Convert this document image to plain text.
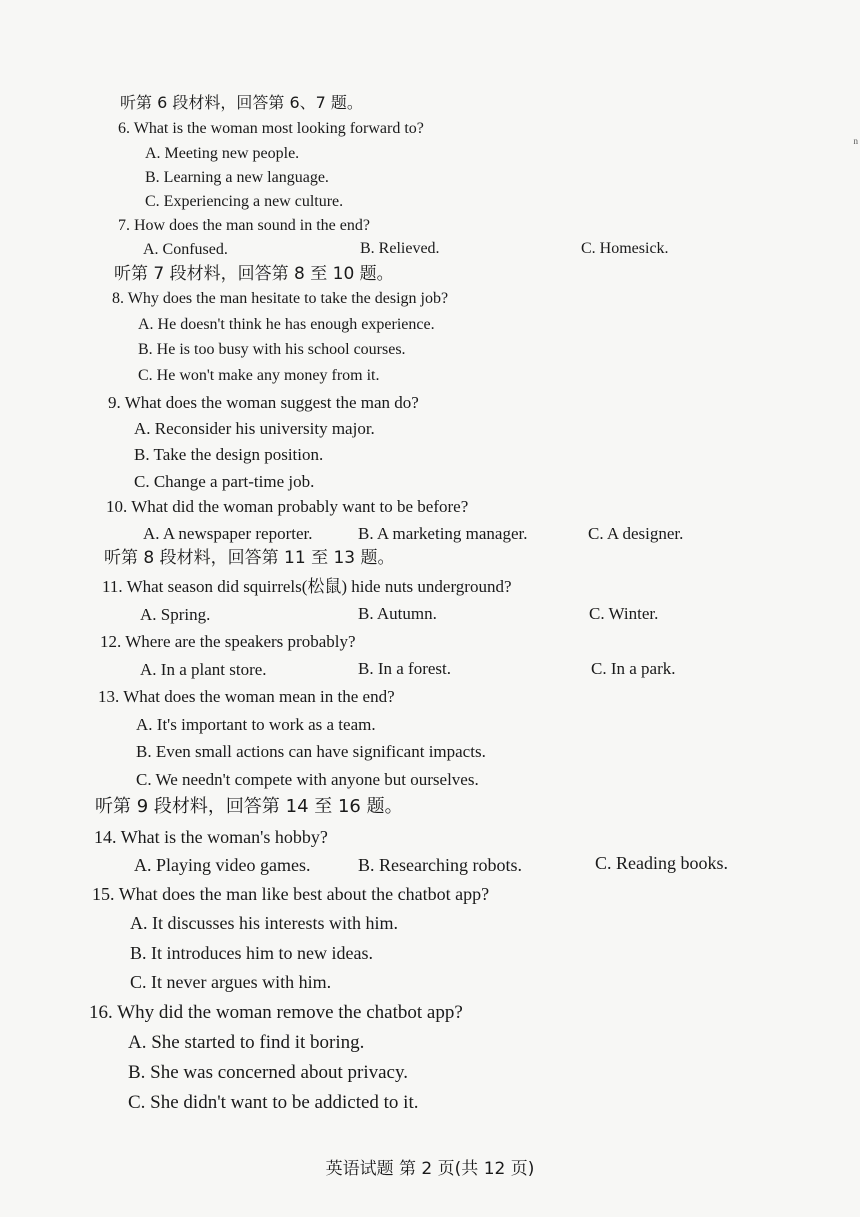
听第 6 段材料，回答第 6、7 题。
6. What is the woman most looking forward to?
A. Meeting new people.
B. Learning a new language.
C. Experiencing a new culture.
7. How does the man sound in the end?
A. Confused.	B. Relieved.	C. Homesick.
听第 7 段材料，回答第 8 至 10 题。
8. Why does the man hesitate to take the design job?
A. He doesn't think he has enough experience.
B. He is too busy with his school courses.
C. He won't make any money from it.
9. What does the woman suggest the man do?
A. Reconsider his university major.
B. Take the design position.
C. Change a part-time job.
10. What did the woman probably want to be before?
A. A newspaper reporter.	B. A marketing manager.	C. A designer.
听第 8 段材料，回答第 11 至 13 题。
11. What season did squirrels(松鼠) hide nuts underground?
A. Spring.	B. Autumn.	C. Winter.
12. Where are the speakers probably?
A. In a plant store.	B. In a forest.	C. In a park.
13. What does the woman mean in the end?
A. It's important to work as a team.
B. Even small actions can have significant impacts.
C. We needn't compete with anyone but ourselves.
听第 9 段材料，回答第 14 至 16 题。
14. What is the woman's hobby?
A. Playing video games.	B. Researching robots.	C. Reading books.
15. What does the man like best about the chatbot app?
A. It discusses his interests with him.
B. It introduces him to new ideas.
C. It never argues with him.
16. Why did the woman remove the chatbot app?
A. She started to find it boring.
B. She was concerned about privacy.
C. She didn't want to be addicted to it.
英语试题 第 2 页(共 12 页)
n
